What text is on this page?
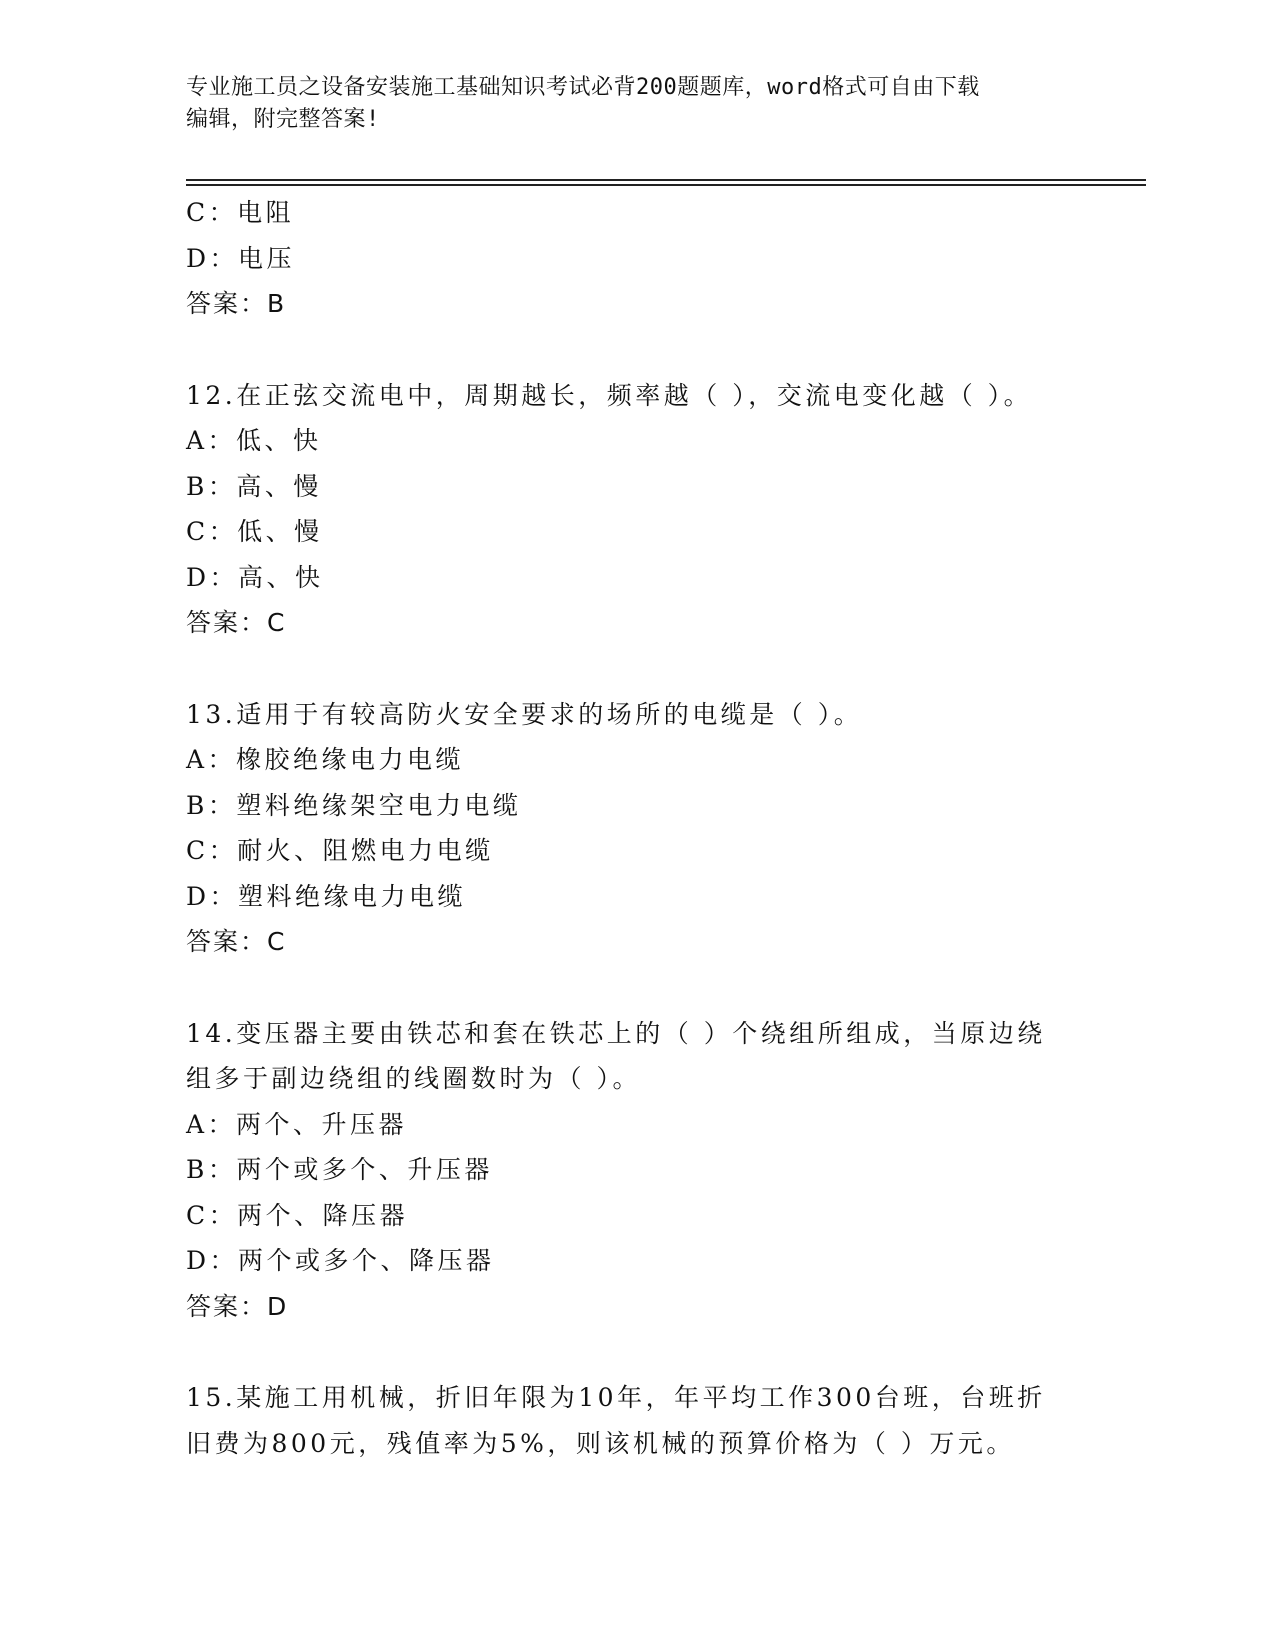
专业施工员之设备安装施工基础知识考试必背200题题库，word格式可自由下载
编辑，附完整答案!
C：电阻
D：电压
答案：B
12.在正弦交流电中，周期越长，频率越（ ），交流电变化越（ ）。
A：低、快
B：高、慢
C：低、慢
D：高、快
答案：C
13.适用于有较高防火安全要求的场所的电缆是（ ）。
A：橡胶绝缘电力电缆
B：塑料绝缘架空电力电缆
C：耐火、阻燃电力电缆
D：塑料绝缘电力电缆
答案：C
14.变压器主要由铁芯和套在铁芯上的（ ）个绕组所组成，当原边绕
组多于副边绕组的线圈数时为（ ）。
A：两个、升压器
B：两个或多个、升压器
C：两个、降压器
D：两个或多个、降压器
答案：D
15.某施工用机械，折旧年限为10年，年平均工作300台班，台班折
旧费为800元，残值率为5%，则该机械的预算价格为（ ）万元。
